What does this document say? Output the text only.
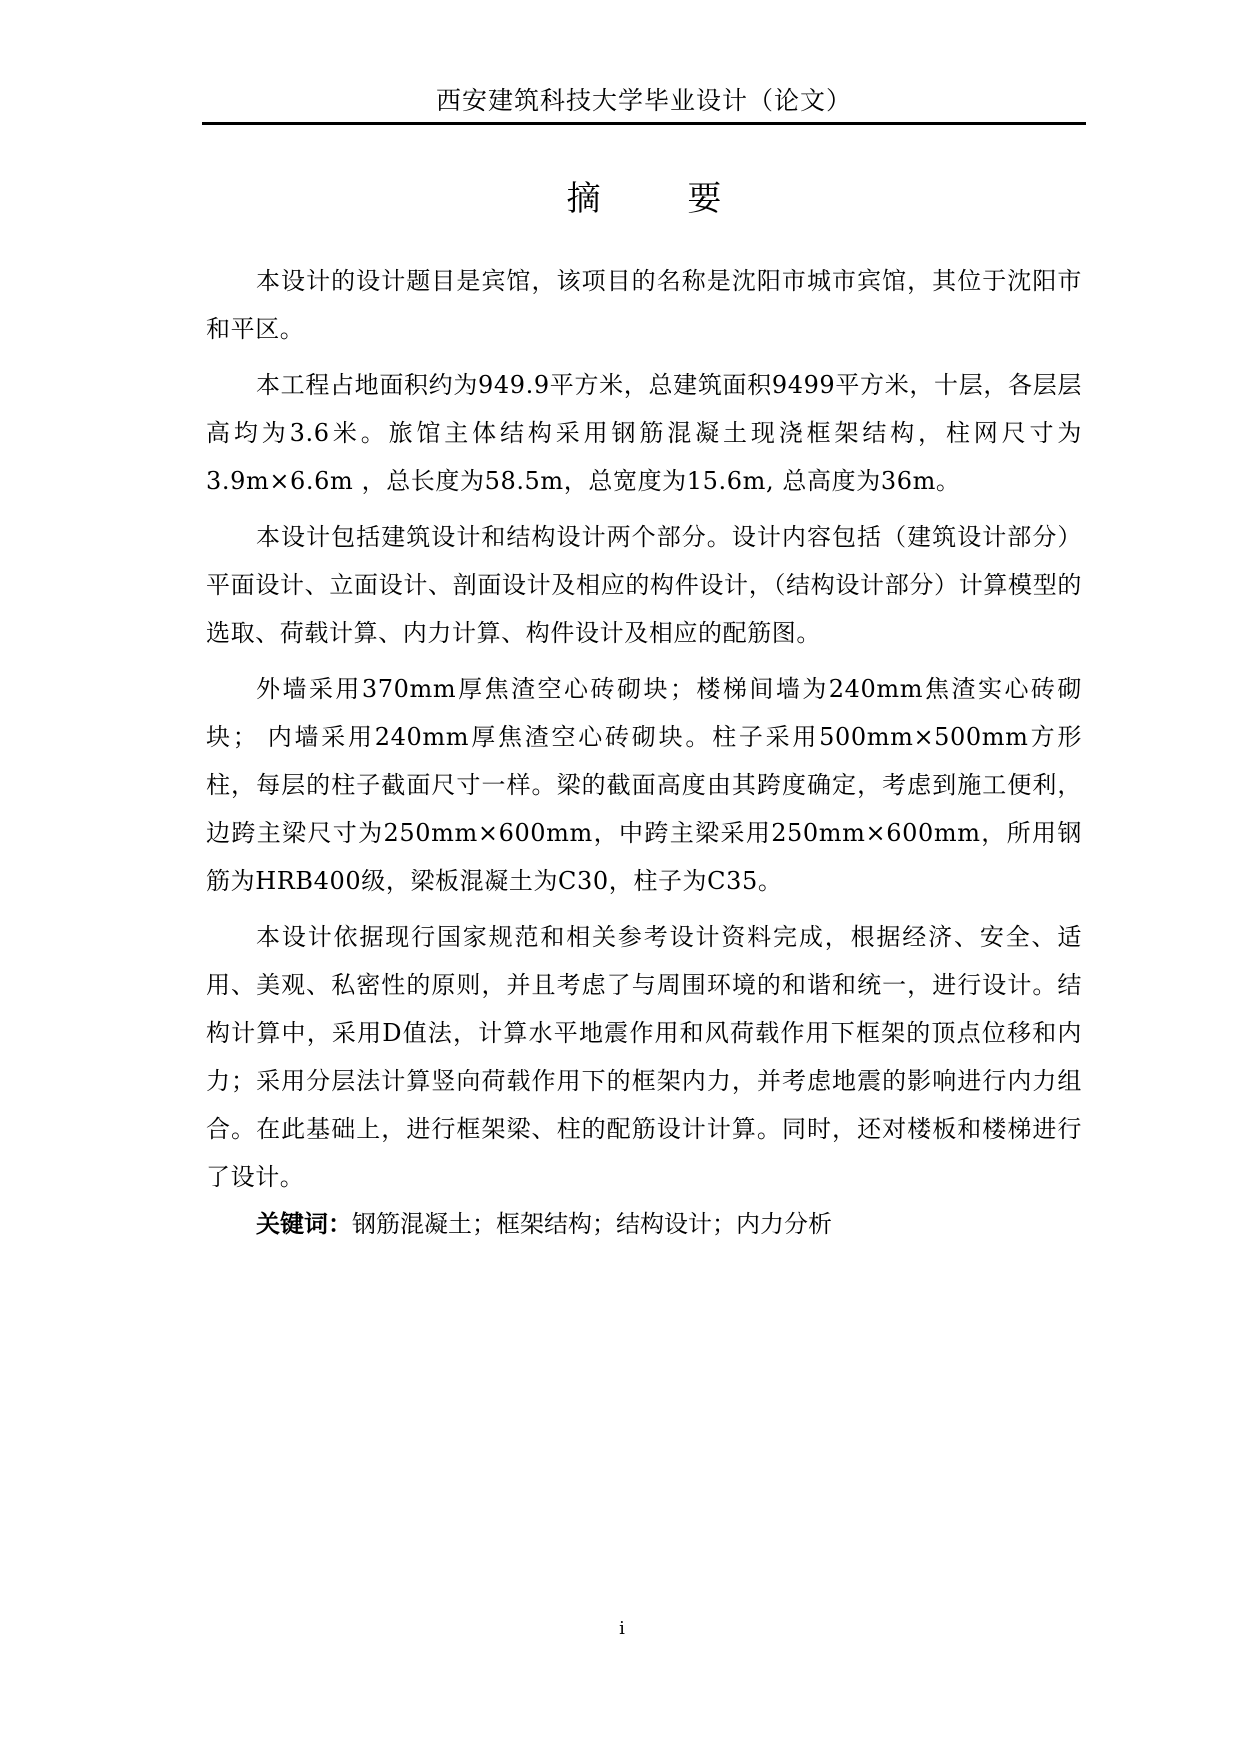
西安建筑科技大学毕业设计（论文）
摘 要

本设计的设计题目是宾馆，该项目的名称是沈阳市城市宾馆，其位于沈阳市和平区。

本工程占地面积约为949.9平方米，总建筑面积9499平方米，十层，各层层高均为3.6米。旅馆主体结构采用钢筋混凝土现浇框架结构，柱网尺寸为3.9m×6.6m ，总长度为58.5m，总宽度为15.6m, 总高度为36m。

本设计包括建筑设计和结构设计两个部分。设计内容包括（建筑设计部分）平面设计、立面设计、剖面设计及相应的构件设计，（结构设计部分）计算模型的选取、荷载计算、内力计算、构件设计及相应的配筋图。

外墙采用370mm厚焦渣空心砖砌块；楼梯间墙为240mm焦渣实心砖砌块； 内墙采用240mm厚焦渣空心砖砌块。柱子采用500mm×500mm方形柱，每层的柱子截面尺寸一样。梁的截面高度由其跨度确定，考虑到施工便利，边跨主梁尺寸为250mm×600mm，中跨主梁采用250mm×600mm，所用钢筋为HRB400级，梁板混凝土为C30，柱子为C35。

本设计依据现行国家规范和相关参考设计资料完成，根据经济、安全、适用、美观、私密性的原则，并且考虑了与周围环境的和谐和统一，进行设计。结构计算中，采用D值法，计算水平地震作用和风荷载作用下框架的顶点位移和内力；采用分层法计算竖向荷载作用下的框架内力，并考虑地震的影响进行内力组合。在此基础上，进行框架梁、柱的配筋设计计算。同时，还对楼板和楼梯进行了设计。

关键词：钢筋混凝土；框架结构；结构设计；内力分析
i
